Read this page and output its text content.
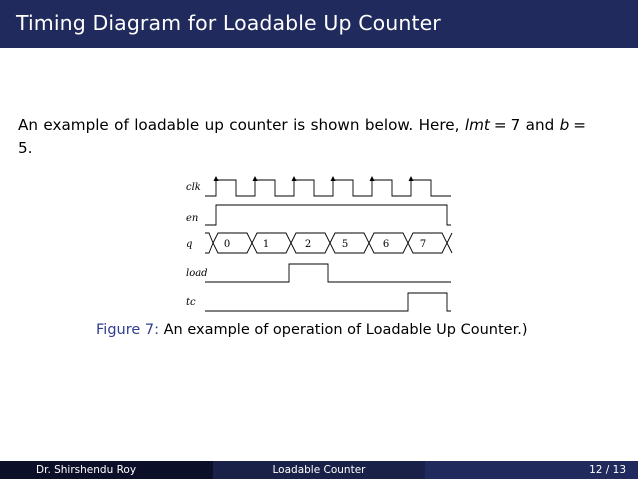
Timing Diagram for Loadable Up Counter
An example of loadable up counter is shown below. Here, lmt = 7 and b =5.
clk
en
q	0	1	2	5	6	7
load
tc
Figure 7: An example of operation of Loadable Up Counter.)
Dr. Shirshendu Roy	Loadable Counter	12 / 13
